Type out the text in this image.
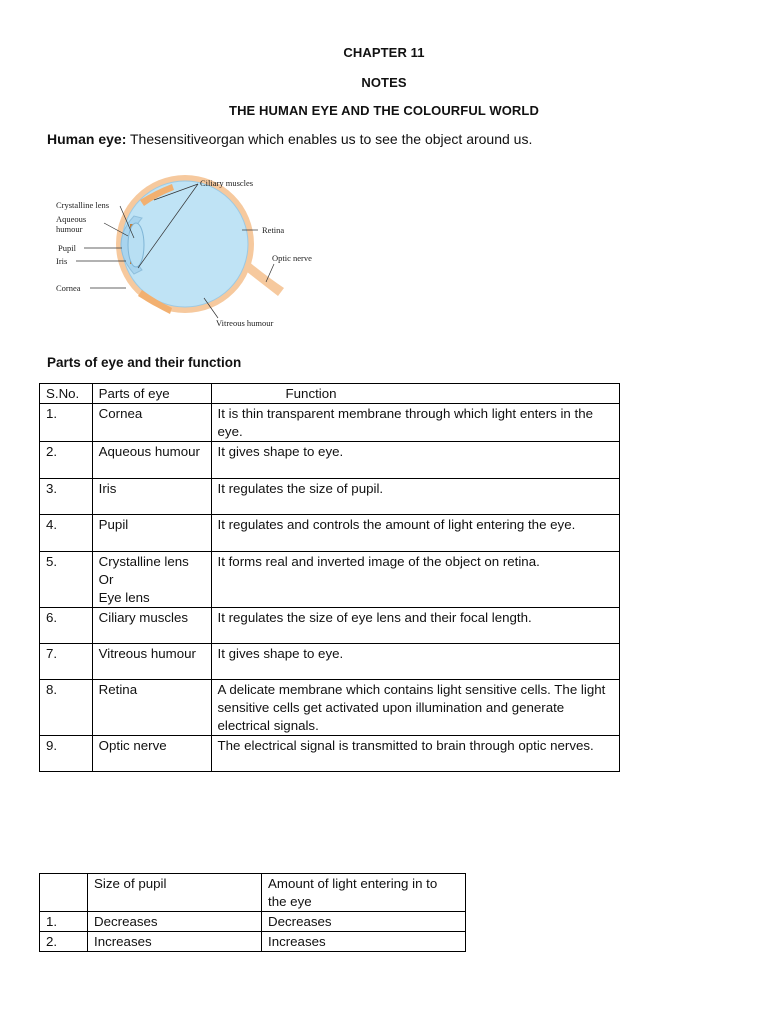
CHAPTER 11
NOTES
THE HUMAN EYE AND THE COLOURFUL WORLD
Human eye: Thesensitiveorgan which enables us to see the object around us.
Ciliary muscles
Crystalline lens
Aqueous
humour
Pupil
Iris
Cornea
Retina
Optic nerve
Vitreous humour
Parts of eye and their function
S.No.	Parts of eye	Function
1.	Cornea	It is thin transparent membrane through which light enters in the eye.
2.	Aqueous humour	It gives shape to eye.
3.	Iris	It regulates the size of pupil.
4.	Pupil	It regulates and controls the amount of light entering the eye.
5.	Crystalline lens
Or
Eye lens	It forms real and inverted image of the object on retina.
6.	Ciliary muscles	It regulates the size of eye lens and their focal length.
7.	Vitreous humour	It gives shape to eye.
8.	Retina	A delicate membrane which contains light sensitive cells. The light sensitive cells get activated upon illumination and generate electrical signals.
9.	Optic nerve	The electrical signal is transmitted to brain through optic nerves.
	Size of pupil	Amount of light entering in to the eye
1.	Decreases	Decreases
2.	Increases	Increases
